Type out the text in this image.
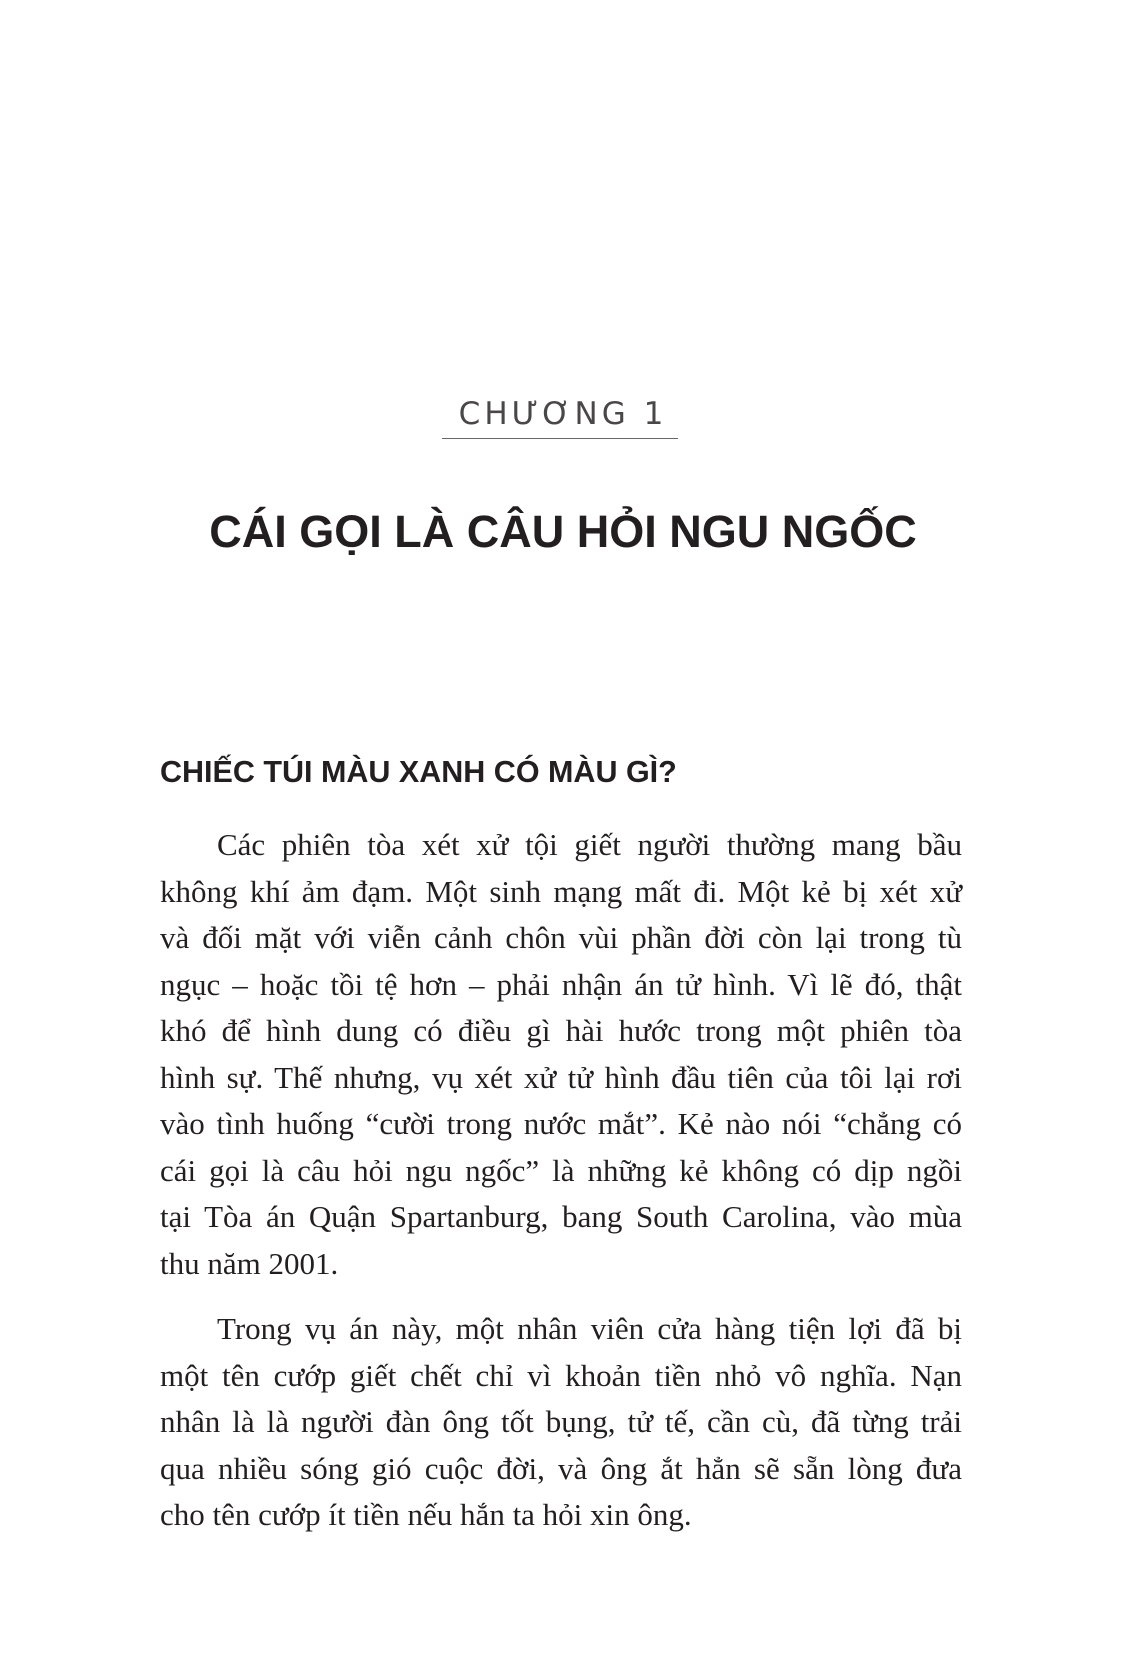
CHƯƠNG 1
CÁI GỌI LÀ CÂU HỎI NGU NGỐC
CHIẾC TÚI MÀU XANH CÓ MÀU GÌ?
Các phiên tòa xét xử tội giết người thường mang bầu
không khí ảm đạm. Một sinh mạng mất đi. Một kẻ bị xét xử
và đối mặt với viễn cảnh chôn vùi phần đời còn lại trong tù
ngục – hoặc tồi tệ hơn – phải nhận án tử hình. Vì lẽ đó, thật
khó để hình dung có điều gì hài hước trong một phiên tòa
hình sự. Thế nhưng, vụ xét xử tử hình đầu tiên của tôi lại rơi
vào tình huống “cười trong nước mắt”. Kẻ nào nói “chẳng có
cái gọi là câu hỏi ngu ngốc” là những kẻ không có dịp ngồi
tại Tòa án Quận Spartanburg, bang South Carolina, vào mùa
thu năm 2001.
Trong vụ án này, một nhân viên cửa hàng tiện lợi đã bị
một tên cướp giết chết chỉ vì khoản tiền nhỏ vô nghĩa. Nạn
nhân là là người đàn ông tốt bụng, tử tế, cần cù, đã từng trải
qua nhiều sóng gió cuộc đời, và ông ắt hẳn sẽ sẵn lòng đưa
cho tên cướp ít tiền nếu hắn ta hỏi xin ông.
